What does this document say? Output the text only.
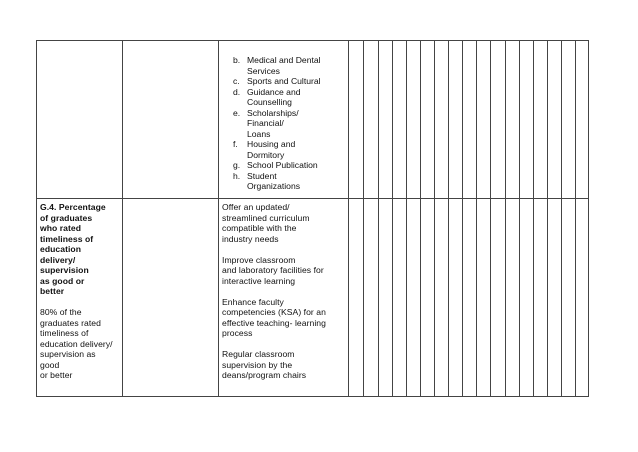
b. Medical and Dental
Services
c. Sports and Cultural
d. Guidance and
Counselling
e. Scholarships/
Financial/
Loans
f.	Housing and
Dormitory
g. School Publication
h. Student
Organizations
G.4. Percentage
of graduates
who rated
timeliness of
education
delivery/
supervision
as good or
better
80% of the
graduates rated
timeliness of
education delivery/
supervision as
good
or better
Offer an updated/
streamlined curriculum
compatible with the
industry needs
Improve classroom
and laboratory facilities for
interactive learning
Enhance faculty
competencies (KSA) for an
effective teaching- learning
process
Regular classroom
supervision by the
deans/program chairs
